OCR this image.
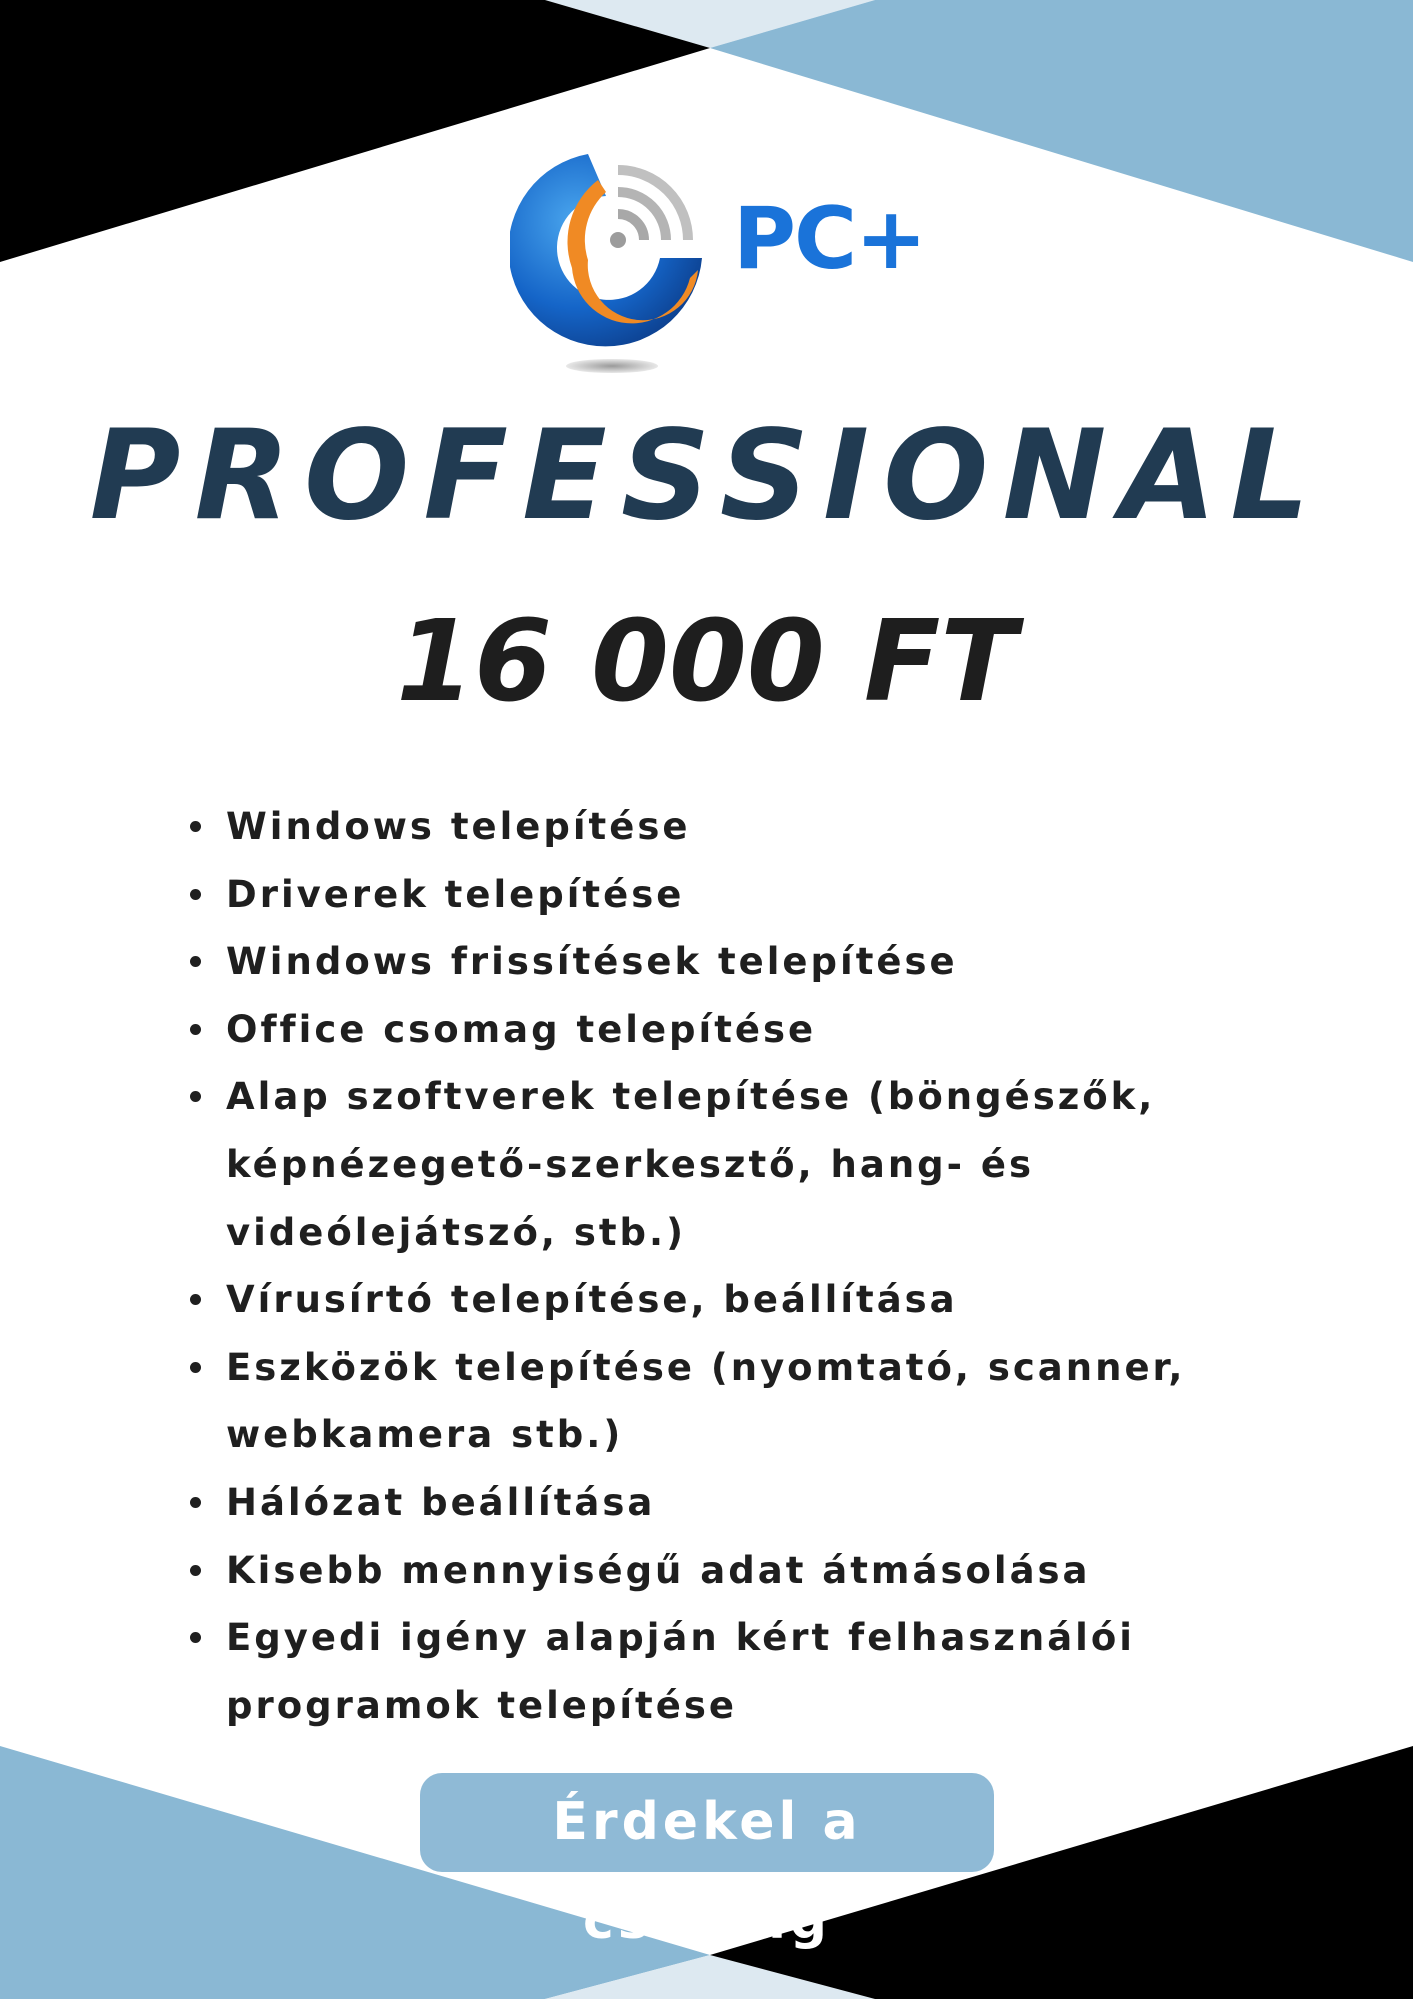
PC+
PROFESSIONAL
16 000 FT
Windows telepítése
Driverek telepítése
Windows frissítések telepítése
Office csomag telepítése
Alap szoftverek telepítése (böngészők,
képnézegető-szerkesztő, hang- és
videólejátszó, stb.)
Vírusírtó telepítése, beállítása
Eszközök telepítése (nyomtató, scanner,
webkamera stb.)
Hálózat beállítása
Kisebb mennyiségű adat átmásolása
Egyedi igény alapján kért felhasználói
programok telepítése
Érdekel a csomag
